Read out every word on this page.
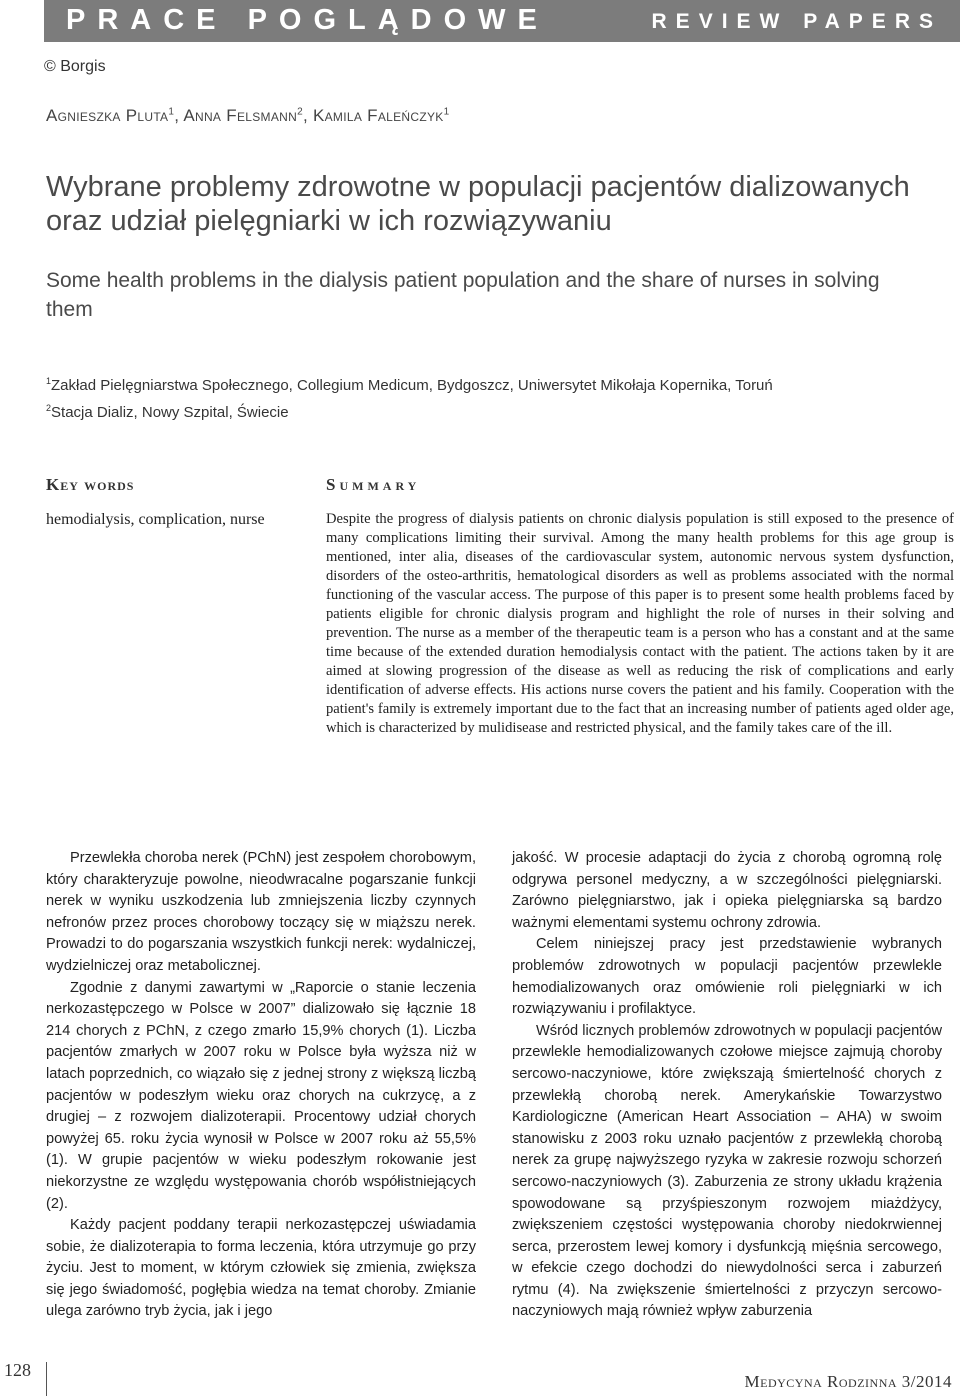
PRACE POGLĄDOWE	REVIEW PAPERS
© Borgis
Agnieszka Pluta$^1$, Anna Felsmann$^2$, Kamila Faleńczyk$^1$
Wybrane problemy zdrowotne w populacji pacjentów dializowanych oraz udział pielęgniarki w ich rozwiązywaniu
Some health problems in the dialysis patient population and the share of nurses in solving them
$^1$Zakład Pielęgniarstwa Społecznego, Collegium Medicum, Bydgoszcz, Uniwersytet Mikołaja Kopernika, Toruń
$^2$Stacja Dializ, Nowy Szpital, Świecie
Key words
hemodialysis, complication, nurse
Summary
Despite the progress of dialysis patients on chronic dialysis population is still exposed to the presence of many complications limiting their survival. Among the many health problems for this age group is mentioned, inter alia, diseases of the cardiovascular system, autonomic nervous system dysfunction, disorders of the osteo-arthritis, hematological disorders as well as problems associated with the normal functioning of the vascular access. The purpose of this paper is to present some health problems faced by patients eligible for chronic dialysis program and highlight the role of nurses in their solving and prevention. The nurse as a member of the therapeutic team is a person who has a constant and at the same time because of the extended duration hemodialysis contact with the patient. The actions taken by it are aimed at slowing progression of the disease as well as reducing the risk of complications and early identification of adverse effects. His actions nurse covers the patient and his family. Cooperation with the patient's family is extremely important due to the fact that an increasing number of patients aged older age, which is characterized by mulidisease and restricted physical, and the family takes care of the ill.

Przewlekła choroba nerek (PChN) jest zespołem chorobowym, który charakteryzuje powolne, nieodwracalne pogarszanie funkcji nerek w wyniku uszkodzenia lub zmniejszenia liczby czynnych nefronów przez proces chorobowy toczący się w miąższu nerek. Prowadzi to do pogarszania wszystkich funkcji nerek: wydalniczej, wydzielniczej oraz metabolicznej.

Zgodnie z danymi zawartymi w „Raporcie o stanie leczenia nerkozastępczego w Polsce w 2007” dializowało się łącznie 18 214 chorych z PChN, z czego zmarło 15,9% chorych (1). Liczba pacjentów zmarłych w 2007 roku w Polsce była wyższa niż w latach poprzednich, co wiązało się z jednej strony z większą liczbą pacjentów w podeszłym wieku oraz chorych na cukrzycę, a z drugiej – z rozwojem dializoterapii. Procentowy udział chorych powyżej 65. roku życia wynosił w Polsce w 2007 roku aż 55,5% (1). W grupie pacjentów w wieku podeszłym rokowanie jest niekorzystne ze względu występowania chorób współistniejących (2).

Każdy pacjent poddany terapii nerkozastępczej uświadamia sobie, że dializoterapia to forma leczenia, która utrzymuje go przy życiu. Jest to moment, w którym człowiek się zmienia, zwiększa się jego świadomość, pogłębia wiedza na temat choroby. Zmianie ulega zarówno tryb życia, jak i jego

jakość. W procesie adaptacji do życia z chorobą ogromną rolę odgrywa personel medyczny, a w szczególności pielęgniarski. Zarówno pielęgniarstwo, jak i opieka pielęgniarska są bardzo ważnymi elementami systemu ochrony zdrowia.

Celem niniejszej pracy jest przedstawienie wybranych problemów zdrowotnych w populacji pacjentów przewlekle hemodializowanych oraz omówienie roli pielęgniarki w ich rozwiązywaniu i profilaktyce.

Wśród licznych problemów zdrowotnych w populacji pacjentów przewlekle hemodializowanych czołowe miejsce zajmują choroby sercowo-naczyniowe, które zwiększają śmiertelność chorych z przewlekłą chorobą nerek. Amerykańskie Towarzystwo Kardiologiczne (American Heart Association – AHA) w swoim stanowisku z 2003 roku uznało pacjentów z przewlekłą chorobą nerek za grupę najwyższego ryzyka w zakresie rozwoju schorzeń sercowo-naczyniowych (3). Zaburzenia ze strony układu krążenia spowodowane są przyśpieszonym rozwojem miażdżycy, zwiększeniem częstości występowania choroby niedokrwiennej serca, przerostem lewej komory i dysfunkcją mięśnia sercowego, w efekcie czego dochodzi do niewydolności serca i zaburzeń rytmu (4). Na zwiększenie śmiertelności z przyczyn sercowo-naczyniowych mają również wpływ zaburzenia

128
Medycyna Rodzinna 3/2014
